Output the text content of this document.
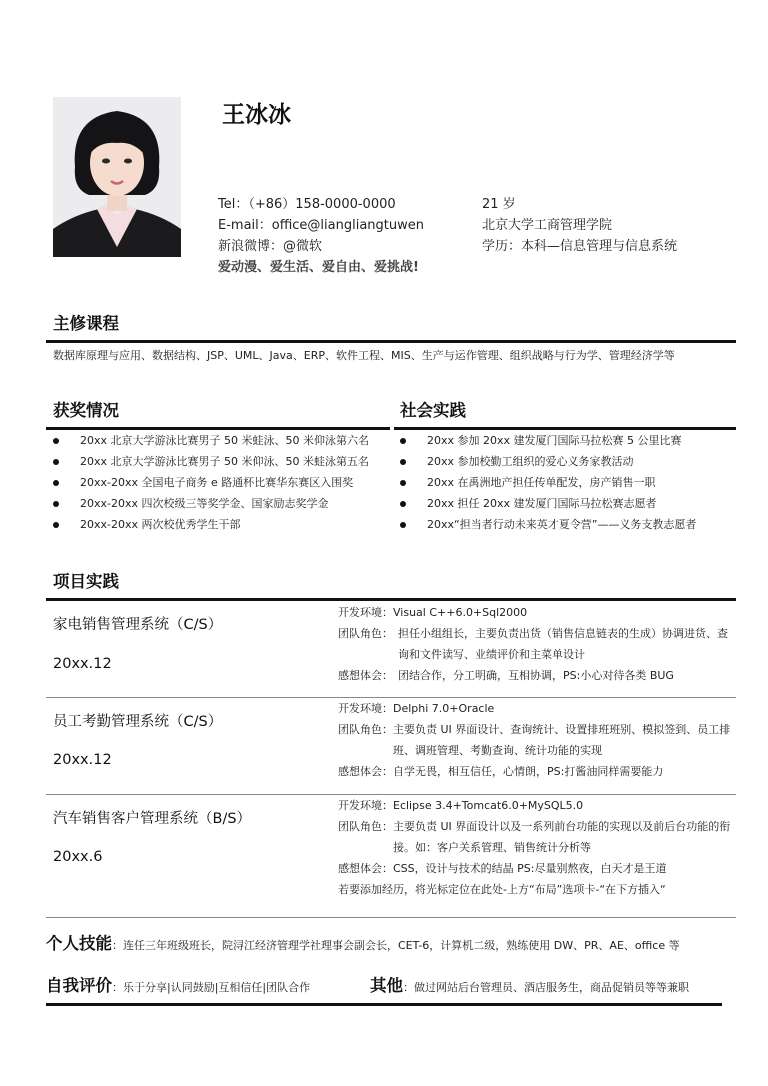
王冰冰
Tel：（+86）158-0000-0000
E-mail：office@liangliangtuwen
新浪微博：@微软
爱动漫、爱生活、爱自由、爱挑战!
21 岁
北京大学工商管理学院
学历：本科—信息管理与信息系统
主修课程
数据库原理与应用、数据结构、JSP、UML、Java、ERP、软件工程、MIS、生产与运作管理、组织战略与行为学、管理经济学等
获奖情况
20xx 北京大学游泳比赛男子 50 米蛙泳、50 米仰泳第六名
20xx 北京大学游泳比赛男子 50 米仰泳、50 米蛙泳第五名
20xx-20xx 全国电子商务 e 路通杯比赛华东赛区入围奖
20xx-20xx 四次校级三等奖学金、国家励志奖学金
20xx-20xx 两次校优秀学生干部
社会实践
20xx 参加 20xx 建发厦门国际马拉松赛 5 公里比赛
20xx 参加校勤工组织的爱心义务家教活动
20xx 在禹洲地产担任传单配发，房产销售一职
20xx 担任 20xx 建发厦门国际马拉松赛志愿者
20xx“担当者行动未来英才夏令营”——义务支教志愿者
项目实践
家电销售管理系统（C/S）
20xx.12
开发环境： Visual C++6.0+Sql2000
团队角色： 担任小组组长，主要负责出货（销售信息链表的生成）协调进货、查询和文件读写、业绩评价和主菜单设计
感想体会： 团结合作，分工明确，互相协调，PS:小心对待各类 BUG
员工考勤管理系统（C/S）
20xx.12
开发环境： Delphi 7.0+Oracle
团队角色： 主要负责 UI 界面设计、查询统计、设置排班班别、模拟签到、员工排班、调班管理、考勤查询、统计功能的实现
感想体会： 自学无畏，相互信任，心情朗，PS:打酱油同样需要能力
汽车销售客户管理系统（B/S）
20xx.6
开发环境： Eclipse 3.4+Tomcat6.0+MySQL5.0
团队角色： 主要负责 UI 界面设计以及一系列前台功能的实现以及前后台功能的衔接。如：客户关系管理、销售统计分析等
感想体会： CSS，设计与技术的结晶 PS:尽量别熬夜，白天才是王道
若要添加经历，将光标定位在此处-上方“布局”选项卡-“在下方插入“
个人技能：连任三年班级班长，院浔江经济管理学社理事会副会长，CET-6，计算机二级，熟练使用 DW、PR、AE、office 等
自我评价：乐于分享|认同鼓励|互相信任|团队合作	其他：做过网站后台管理员、酒店服务生，商品促销员等等兼职
